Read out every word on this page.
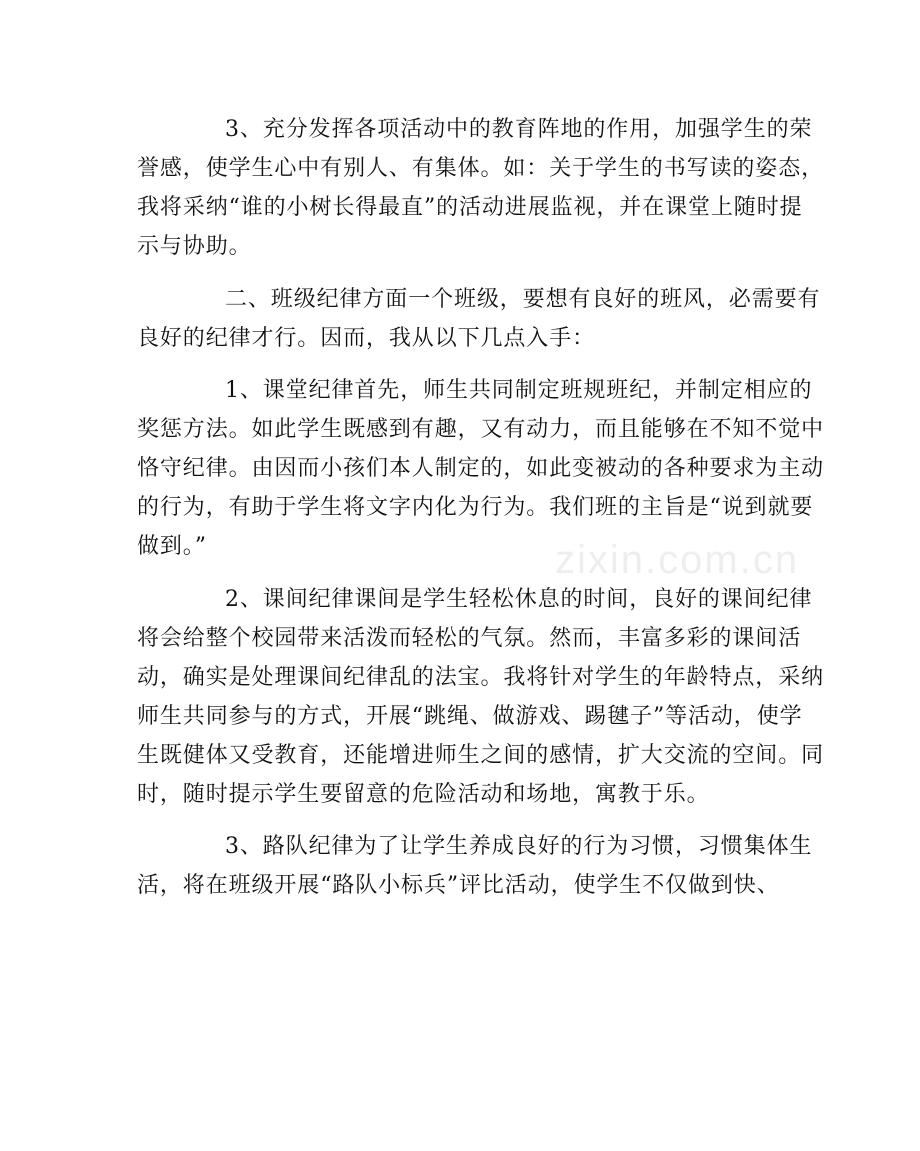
zixin.com.cn

3、充分发挥各项活动中的教育阵地的作用，加强学生的荣
誉感，使学生心中有别人、有集体。如：关于学生的书写读的姿态，
我将采纳“谁的小树长得最直”的活动进展监视，并在课堂上随时提
示与协助。

二、班级纪律方面一个班级，要想有良好的班风，必需要有
良好的纪律才行。因而，我从以下几点入手：

1、课堂纪律首先，师生共同制定班规班纪，并制定相应的
奖惩方法。如此学生既感到有趣，又有动力，而且能够在不知不觉中
恪守纪律。由因而小孩们本人制定的，如此变被动的各种要求为主动
的行为，有助于学生将文字内化为行为。我们班的主旨是“说到就要
做到。”

2、课间纪律课间是学生轻松休息的时间，良好的课间纪律
将会给整个校园带来活泼而轻松的气氛。然而，丰富多彩的课间活
动，确实是处理课间纪律乱的法宝。我将针对学生的年龄特点，采纳
师生共同参与的方式，开展“跳绳、做游戏、踢毽子”等活动，使学
生既健体又受教育，还能增进师生之间的感情，扩大交流的空间。同
时，随时提示学生要留意的危险活动和场地，寓教于乐。

3、路队纪律为了让学生养成良好的行为习惯，习惯集体生
活，将在班级开展“路队小标兵”评比活动，使学生不仅做到快、
